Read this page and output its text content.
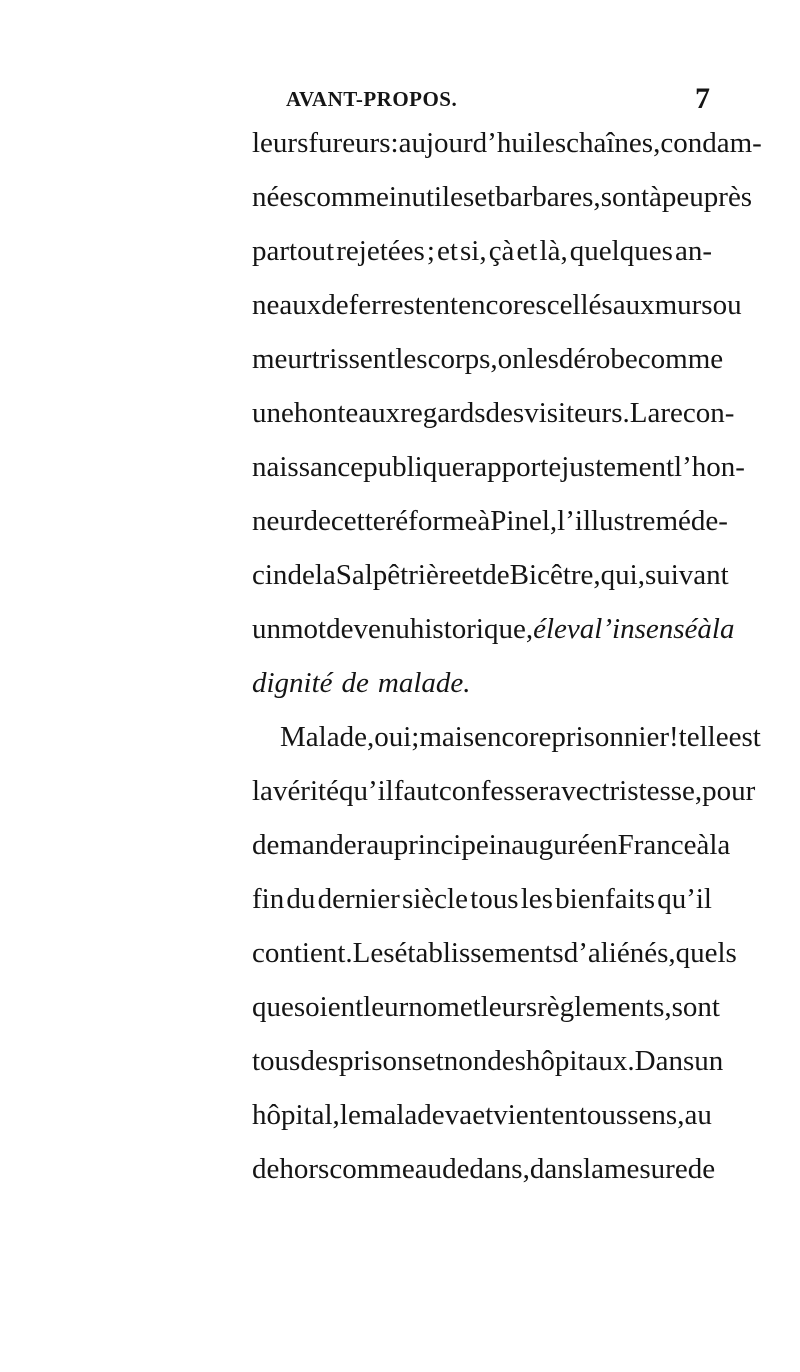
AVANT-PROPOS.	7
leurs fureurs : aujourd’hui les chaînes, condam-
nées comme inutiles et barbares, sont à peu près
partout rejetées ; et si, çà et là, quelques an-
neaux de fer restent encore scellés aux murs ou
meurtrissent les corps, on les dérobe comme
une honte aux regards des visiteurs. La recon-
naissance publique rapporte justement l’hon-
neur de cette réforme à Pinel, l’illustre méde-
cin de la Salpêtrière et de Bicêtre, qui, suivant
un mot devenu historique, éleva l’insensé à la
dignité de malade.
Malade, oui ; mais encore prisonnier ! telle est
la vérité qu’il faut confesser avec tristesse, pour
demander au principe inauguré en France à la
fin du dernier siècle tous les bienfaits qu’il
contient. Les établissements d’aliénés , quels
que soient leur nom et leurs règlements, sont
tous des prisons et non des hôpitaux. Dans un
hôpital, le malade va et vient en tous sens, au
dehors comme au dedans, dans la mesure de
